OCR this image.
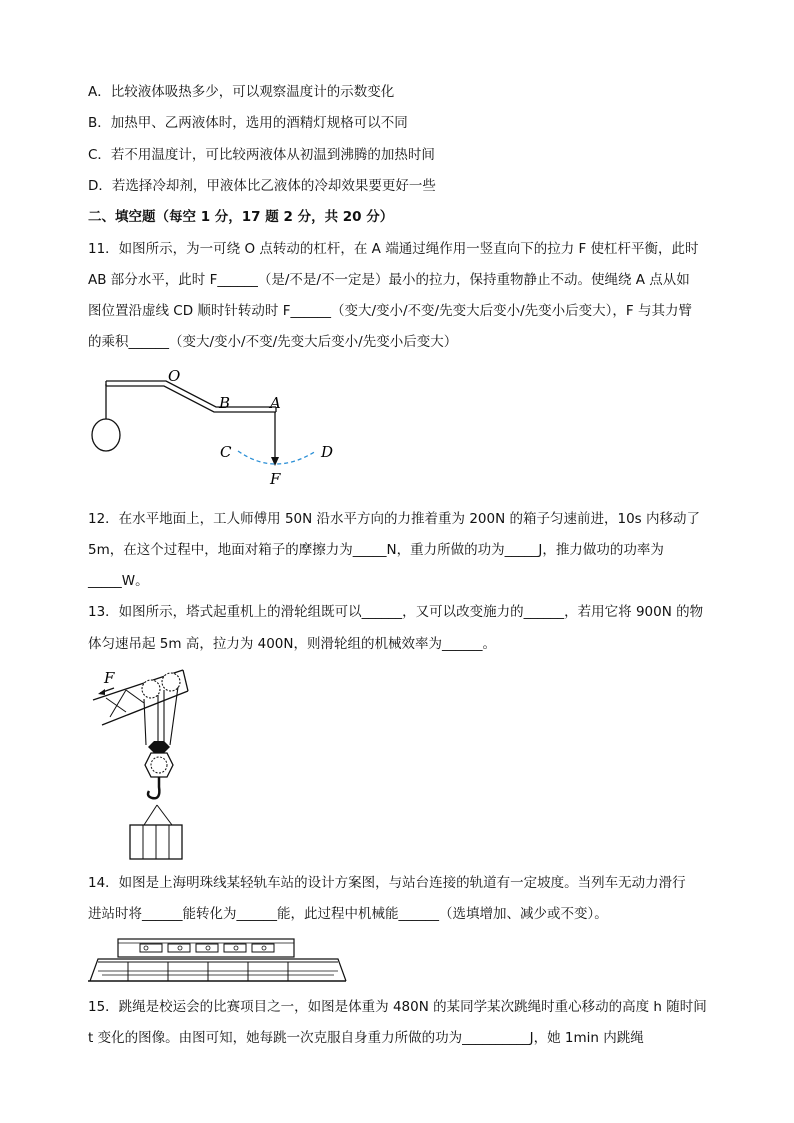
A．比较液体吸热多少，可以观察温度计的示数变化
B．加热甲、乙两液体时，选用的酒精灯规格可以不同
C．若不用温度计，可比较两液体从初温到沸腾的加热时间
D．若选择冷却剂，甲液体比乙液体的冷却效果要更好一些
二、填空题（每空 1 分，17 题 2 分，共 20 分）
11．如图所示，为一可绕 O 点转动的杠杆，在 A 端通过绳作用一竖直向下的拉力 F 使杠杆平衡，此时
AB 部分水平，此时 F______（是/不是/不一定是）最小的拉力，保持重物静止不动。使绳绕 A 点从如
图位置沿虚线 CD 顺时针转动时 F______（变大/变小/不变/先变大后变小/先变小后变大），F 与其力臂
的乘积______（变大/变小/不变/先变大后变小/先变小后变大）
O
B	A
C	D
F
12．在水平地面上，工人师傅用 50N 沿水平方向的力推着重为 200N 的箱子匀速前进，10s 内移动了
5m，在这个过程中，地面对箱子的摩擦力为_____N，重力所做的功为_____J，推力做功的功率为
_____W。
13．如图所示，塔式起重机上的滑轮组既可以______，又可以改变施力的______，若用它将 900N 的物
体匀速吊起 5m 高，拉力为 400N，则滑轮组的机械效率为______。
F
14．如图是上海明珠线某轻轨车站的设计方案图，与站台连接的轨道有一定坡度。当列车无动力滑行
进站时将______能转化为______能，此过程中机械能______（选填增加、减少或不变）。
15．跳绳是校运会的比赛项目之一，如图是体重为 480N 的某同学某次跳绳时重心移动的高度 h 随时间
t 变化的图像。由图可知，她每跳一次克服自身重力所做的功为__________J，她 1min 内跳绳
